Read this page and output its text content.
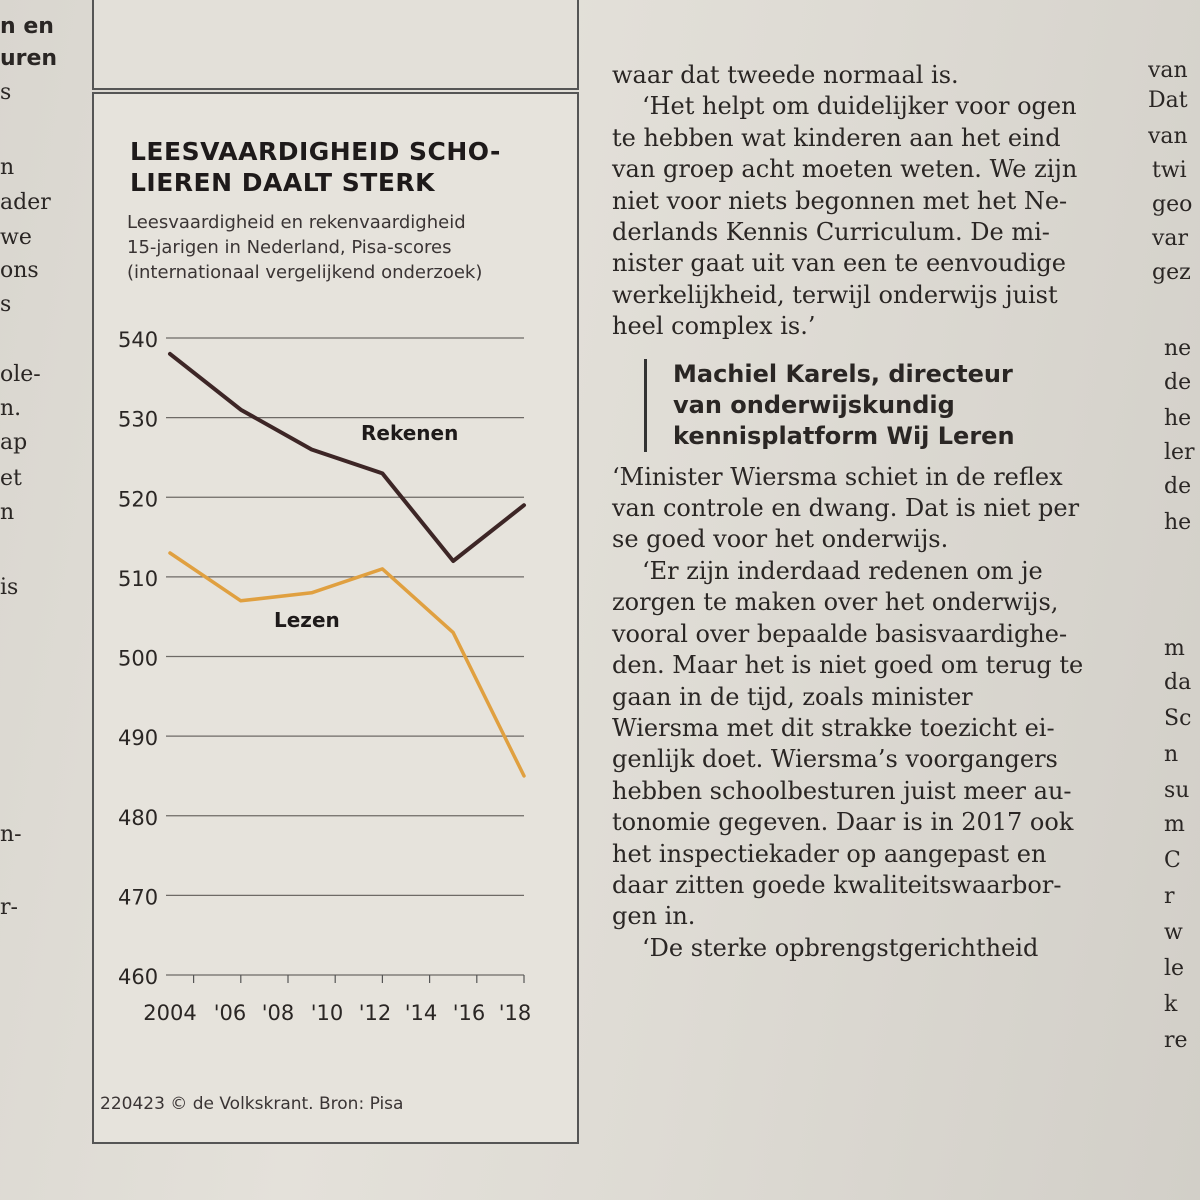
n en
uren
s
n
ader
we
ons
s
ole-
n.
ap
et
n
is
n-
r-
LEESVAARDIGHEID SCHO-
LIEREN DAALT STERK

Leesvaardigheid en rekenvaardigheid
15-jarigen in Nederland, Pisa-scores
(internationaal vergelijkend onderzoek)

460
470
480
490
500
510
520
530
540
2004 '06 '08 '10 '12 '14 '16 '18
Rekenen
Lezen
220423 © de Volkskrant. Bron: Pisa

waar dat tweede normaal is.

‘Het helpt om duidelijker voor ogen

te hebben wat kinderen aan het eind
van groep acht moeten weten. We zijn
niet voor niets begonnen met het Ne-
derlands Kennis Curriculum. De mi-
nister gaat uit van een te eenvoudige
werkelijkheid, terwijl onderwijs juist
heel complex is.’

Machiel Karels, directeur
van onderwijskundig
kennisplatform Wij Leren

‘Minister Wiersma schiet in de reflex
van controle en dwang. Dat is niet per
se goed voor het onderwijs.

‘Er zijn inderdaad redenen om je
zorgen te maken over het onderwijs,
vooral over bepaalde basisvaardighe-
den. Maar het is niet goed om terug te
gaan in de tijd, zoals minister
Wiersma met dit strakke toezicht ei-
genlijk doet. Wiersma’s voorgangers
hebben schoolbesturen juist meer au-
tonomie gegeven. Daar is in 2017 ook
het inspectiekader op aangepast en
daar zitten goede kwaliteitswaarbor-
gen in.

‘De sterke opbrengstgerichtheid

van
Dat
van
twi
geo
var
gez
ne
de
he
ler
de
he
m
da
Sc
n
su
m
C
r
w
le
k
re
